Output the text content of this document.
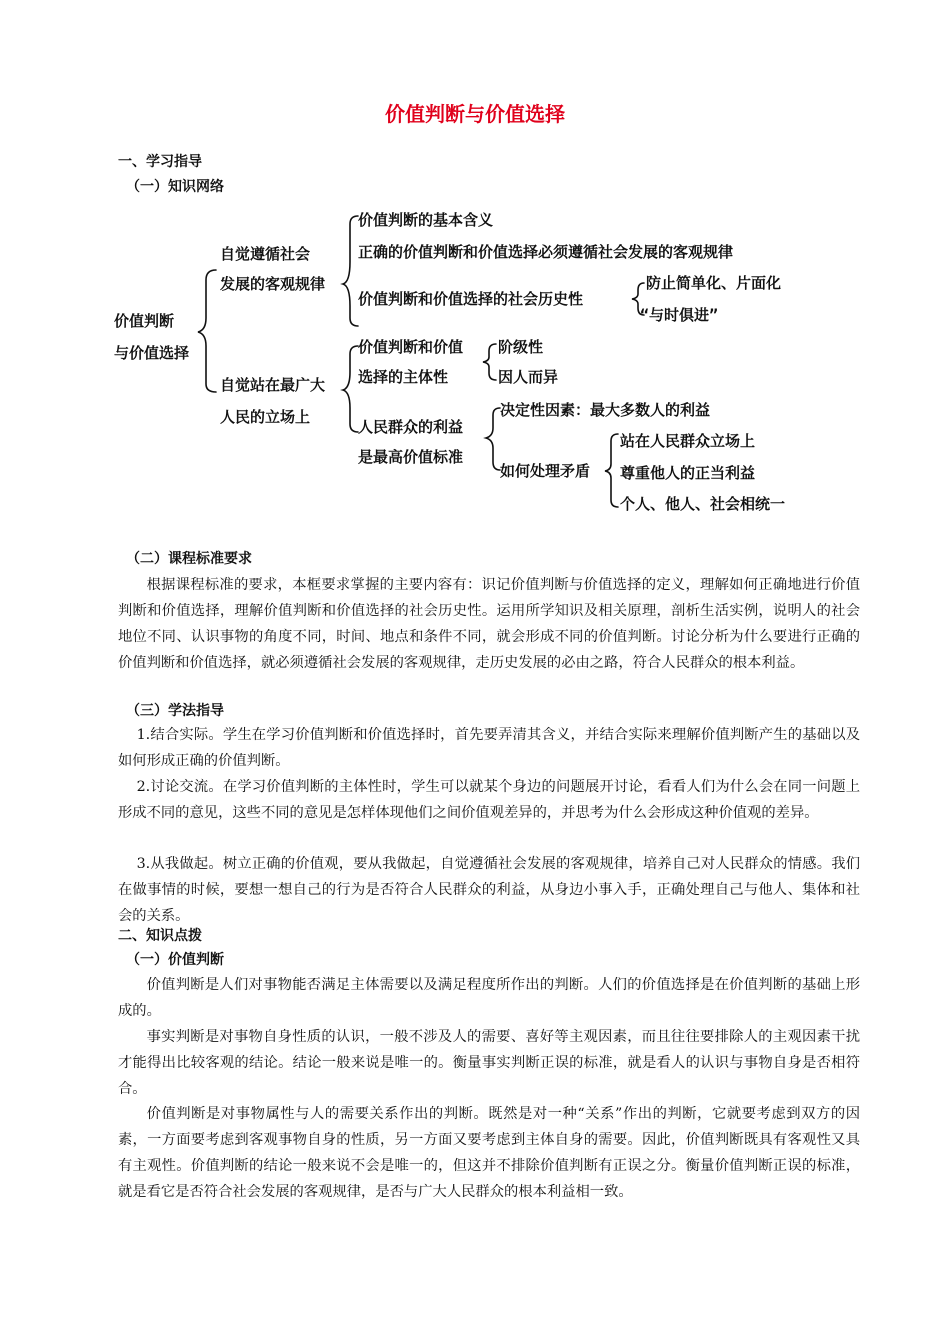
价值判断与价值选择
一、学习指导
（一）知识网络
价值判断
与价值选择
自觉遵循社会
发展的客观规律
价值判断的基本含义
正确的价值判断和价值选择必须遵循社会发展的客观规律
价值判断和价值选择的社会历史性
防止简单化、片面化
“与时俱进”
自觉站在最广大
人民的立场上
价值判断和价值
选择的主体性
阶级性
因人而异
人民群众的利益
是最高价值标准
决定性因素：最大多数人的利益
如何处理矛盾
站在人民群众立场上
尊重他人的正当利益
个人、他人、社会相统一
（二）课程标准要求
根据课程标准的要求，本框要求掌握的主要内容有：识记价值判断与价值选择的定义，理解如何正确地进行价值判断和价值选择，理解价值判断和价值选择的社会历史性。运用所学知识及相关原理，剖析生活实例，说明人的社会地位不同、认识事物的角度不同，时间、地点和条件不同，就会形成不同的价值判断。讨论分析为什么要进行正确的价值判断和价值选择，就必须遵循社会发展的客观规律，走历史发展的必由之路，符合人民群众的根本利益。
（三）学法指导
1.结合实际。学生在学习价值判断和价值选择时，首先要弄清其含义，并结合实际来理解价值判断产生的基础以及如何形成正确的价值判断。
2.讨论交流。在学习价值判断的主体性时，学生可以就某个身边的问题展开讨论，看看人们为什么会在同一问题上形成不同的意见，这些不同的意见是怎样体现他们之间价值观差异的，并思考为什么会形成这种价值观的差异。
3.从我做起。树立正确的价值观，要从我做起，自觉遵循社会发展的客观规律，培养自己对人民群众的情感。我们在做事情的时候，要想一想自己的行为是否符合人民群众的利益，从身边小事入手，正确处理自己与他人、集体和社会的关系。
二、知识点拨
（一）价值判断
价值判断是人们对事物能否满足主体需要以及满足程度所作出的判断。人们的价值选择是在价值判断的基础上形成的。
事实判断是对事物自身性质的认识，一般不涉及人的需要、喜好等主观因素，而且往往要排除人的主观因素干扰才能得出比较客观的结论。结论一般来说是唯一的。衡量事实判断正误的标准，就是看人的认识与事物自身是否相符合。
价值判断是对事物属性与人的需要关系作出的判断。既然是对一种“关系”作出的判断，它就要考虑到双方的因素，一方面要考虑到客观事物自身的性质，另一方面又要考虑到主体自身的需要。因此，价值判断既具有客观性又具有主观性。价值判断的结论一般来说不会是唯一的，但这并不排除价值判断有正误之分。衡量价值判断正误的标准，就是看它是否符合社会发展的客观规律，是否与广大人民群众的根本利益相一致。
